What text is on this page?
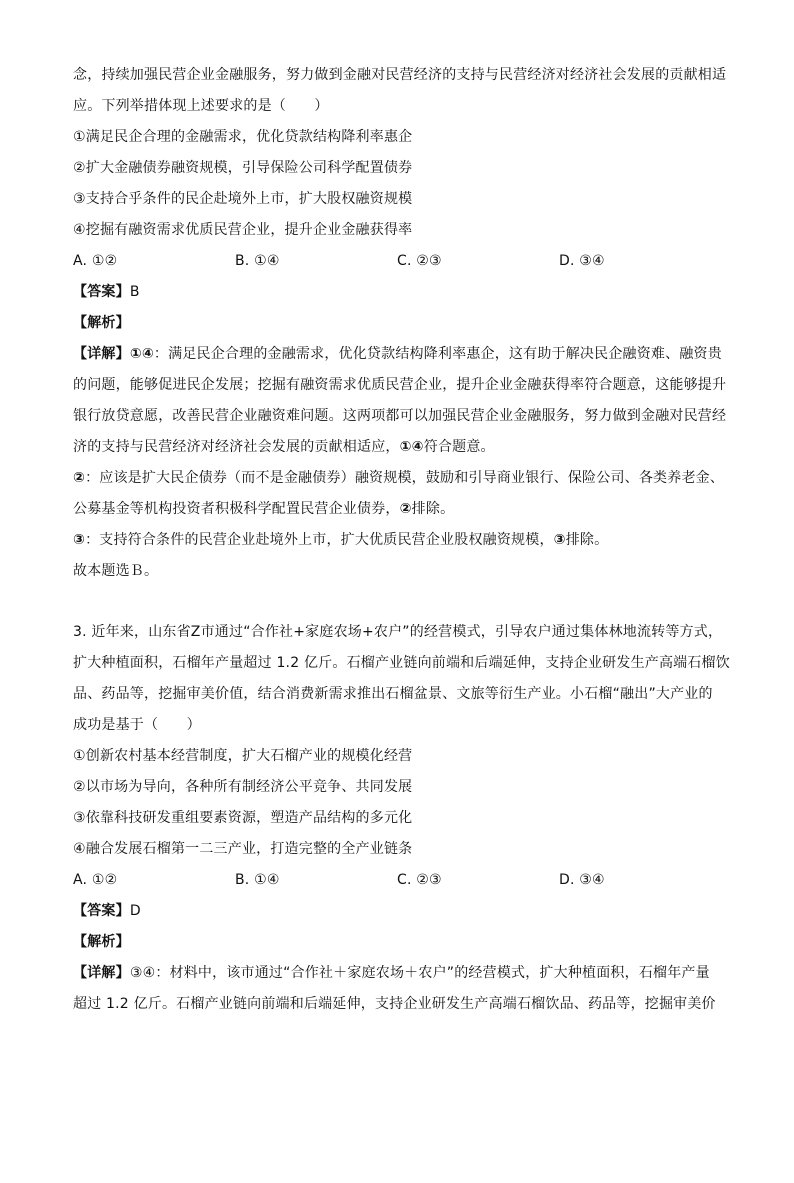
念，持续加强民营企业金融服务，努力做到金融对民营经济的支持与民营经济对经济社会发展的贡献相适
应。下列举措体现上述要求的是（　　）
①满足民企合理的金融需求，优化贷款结构降利率惠企
②扩大金融债券融资规模，引导保险公司科学配置债券
③支持合乎条件的民企赴境外上市，扩大股权融资规模
④挖掘有融资需求优质民营企业，提升企业金融获得率
A. ①②	B. ①④	C. ②③	D. ③④
【答案】B
【解析】
【详解】①④：满足民企合理的金融需求，优化贷款结构降利率惠企，这有助于解决民企融资难、融资贵
的问题，能够促进民企发展；挖掘有融资需求优质民营企业，提升企业金融获得率符合题意，这能够提升
银行放贷意愿，改善民营企业融资难问题。这两项都可以加强民营企业金融服务，努力做到金融对民营经
济的支持与民营经济对经济社会发展的贡献相适应，①④符合题意。
②：应该是扩大民企债券（而不是金融债券）融资规模，鼓励和引导商业银行、保险公司、各类养老金、
公募基金等机构投资者积极科学配置民营企业债券，②排除。
③：支持符合条件的民营企业赴境外上市，扩大优质民营企业股权融资规模，③排除。
故本题选Ｂ。
3. 近年来，山东省Z市通过“合作社+家庭农场+农户”的经营模式，引导农户通过集体林地流转等方式，
扩大种植面积，石榴年产量超过 1.2 亿斤。石榴产业链向前端和后端延伸，支持企业研发生产高端石榴饮
品、药品等，挖掘审美价值，结合消费新需求推出石榴盆景、文旅等衍生产业。小石榴“融出”大产业的
成功是基于（　　）
①创新农村基本经营制度，扩大石榴产业的规模化经营
②以市场为导向，各种所有制经济公平竞争、共同发展
③依靠科技研发重组要素资源，塑造产品结构的多元化
④融合发展石榴第一二三产业，打造完整的全产业链条
A. ①②	B. ①④	C. ②③	D. ③④
【答案】D
【解析】
【详解】③④：材料中，该市通过“合作社＋家庭农场＋农户”的经营模式，扩大种植面积，石榴年产量
超过 1.2 亿斤。石榴产业链向前端和后端延伸，支持企业研发生产高端石榴饮品、药品等，挖掘审美价
